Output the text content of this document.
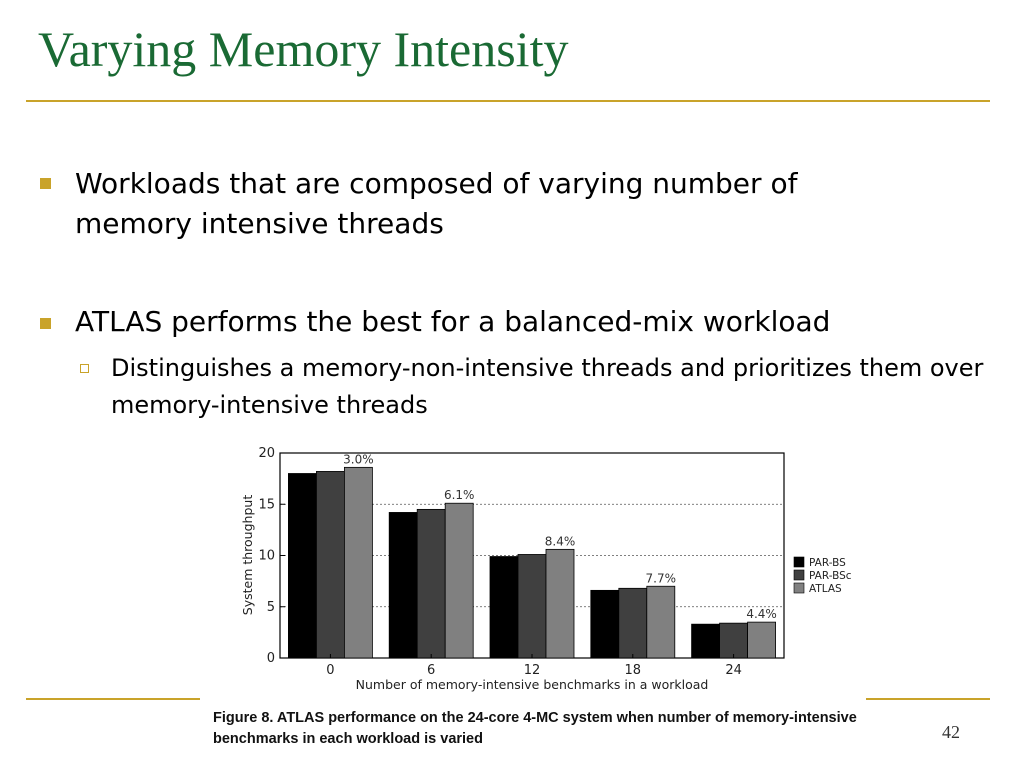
Varying Memory Intensity
Workloads that are composed of varying number of memory intensive threads
ATLAS performs the best for a balanced-mix workload
Distinguishes a memory-non-intensive threads and prioritizes them over memory-intensive threads
0
5
10
15
20
0	6	12	18	24
3.0%
6.1%
8.4%
7.7%
4.4%
Number of memory-intensive benchmarks in a workload
System throughput	PAR-BS
PAR-BSc
ATLAS
Figure 8. ATLAS performance on the 24-core 4-MC system when number of memory-intensive benchmarks in each workload is varied	42
